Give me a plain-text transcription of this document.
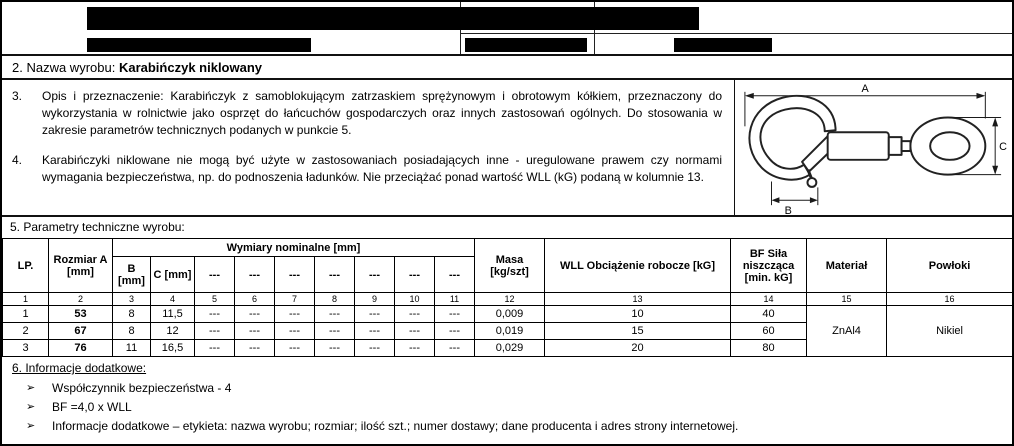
2. Nazwa wyrobu: Karabińczyk niklowany
3.	Opis i przeznaczenie: Karabińczyk z samoblokującym zatrzaskiem sprężynowym i obrotowym kółkiem, przeznaczony do wykorzystania w rolnictwie jako osprzęt do łańcuchów gospodarczych oraz innych zastosowań ogólnych. Do stosowania w zakresie parametrów technicznych podanych w punkcie 5.
4.	Karabińczyki niklowane nie mogą być użyte w zastosowaniach posiadających inne - uregulowane prawem czy normami wymagania bezpieczeństwa, np. do podnoszenia ładunków. Nie przeciążać ponad wartość WLL (kG) podaną w kolumnie 13.
A
C
B
5. Parametry techniczne wyrobu:
LP.	Rozmiar A [mm]	Wymiary nominalne [mm]									Masa [kg/szt]	WLL Obciążenie robocze [kG]	BF Siła niszcząca [min. kG]	Materiał	Powłoki
		B [mm]	C [mm]	---	---	---	---	---	---	---					
1	2	3	4	5	6	7	8	9	10	11	12	13	14	15	16
1	53	8	11,5	---	---	---	---	---	---	---	0,009	10	40	ZnAl4	Nikiel
2	67	8	12	---	---	---	---	---	---	---	0,019	15	60		
3	76	11	16,5	---	---	---	---	---	---	---	0,029	20	80		
6. Informacje dodatkowe:
➢	Współczynnik bezpieczeństwa - 4
➢	BF =4,0 x WLL
➢	Informacje dodatkowe – etykieta: nazwa wyrobu; rozmiar; ilość szt.; numer dostawy; dane producenta i adres strony internetowej.
